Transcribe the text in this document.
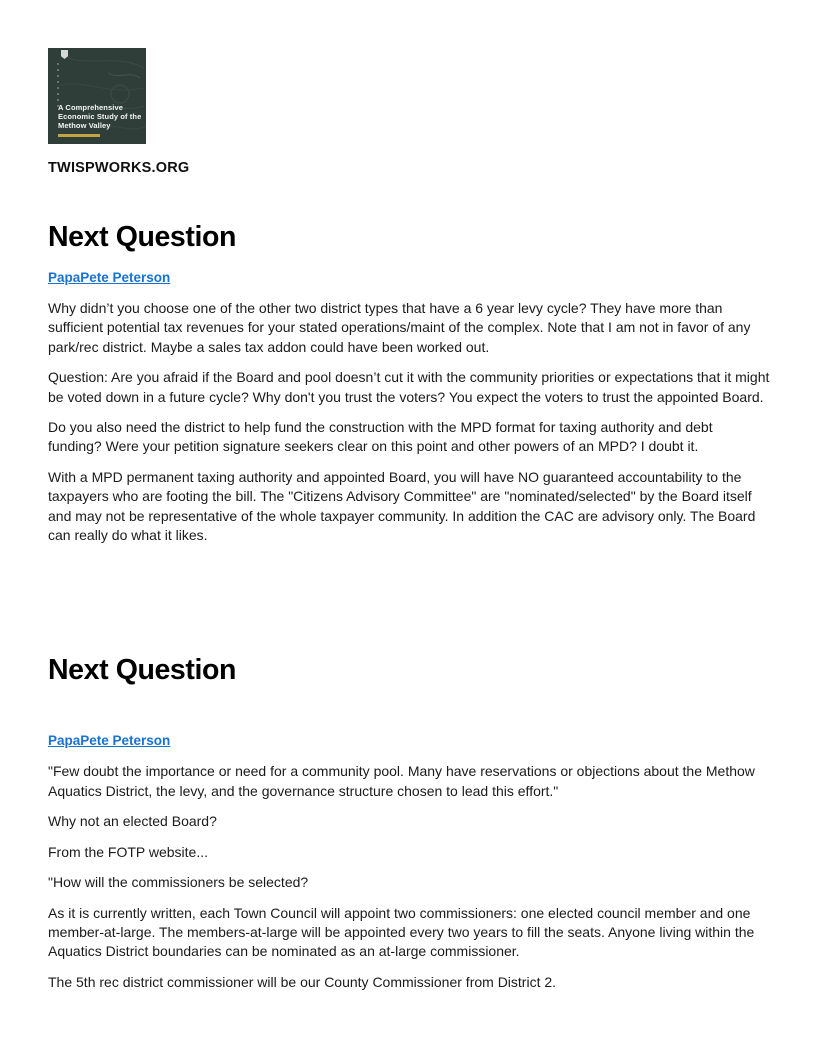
A Comprehensive
Economic Study of the
Methow Valley
TWISPWORKS.ORG
Next Question
PapaPete Peterson

Why didn’t you choose one of the other two district types that have a 6 year levy cycle? They have more than sufficient potential tax revenues for your stated operations/maint of the complex. Note that I am not in favor of any park/rec district. Maybe a sales tax addon could have been worked out.

Question: Are you afraid if the Board and pool doesn’t cut it with the community priorities or expectations that it might be voted down in a future cycle? Why don't you trust the voters? You expect the voters to trust the appointed Board.

Do you also need the district to help fund the construction with the MPD format for taxing authority and debt funding? Were your petition signature seekers clear on this point and other powers of an MPD? I doubt it.

With a MPD permanent taxing authority and appointed Board, you will have NO guaranteed accountability to the taxpayers who are footing the bill. The "Citizens Advisory Committee" are "nominated/selected" by the Board itself and may not be representative of the whole taxpayer community. In addition the CAC are advisory only. The Board can really do what it likes.

Next Question
PapaPete Peterson

"Few doubt the importance or need for a community pool. Many have reservations or objections about the Methow Aquatics District, the levy, and the governance structure chosen to lead this effort."

Why not an elected Board?

From the FOTP website...

"How will the commissioners be selected?

As it is currently written, each Town Council will appoint two commissioners: one elected council member and one member-at-large. The members-at-large will be appointed every two years to fill the seats. Anyone living within the Aquatics District boundaries can be nominated as an at-large commissioner.

The 5th rec district commissioner will be our County Commissioner from District 2.
